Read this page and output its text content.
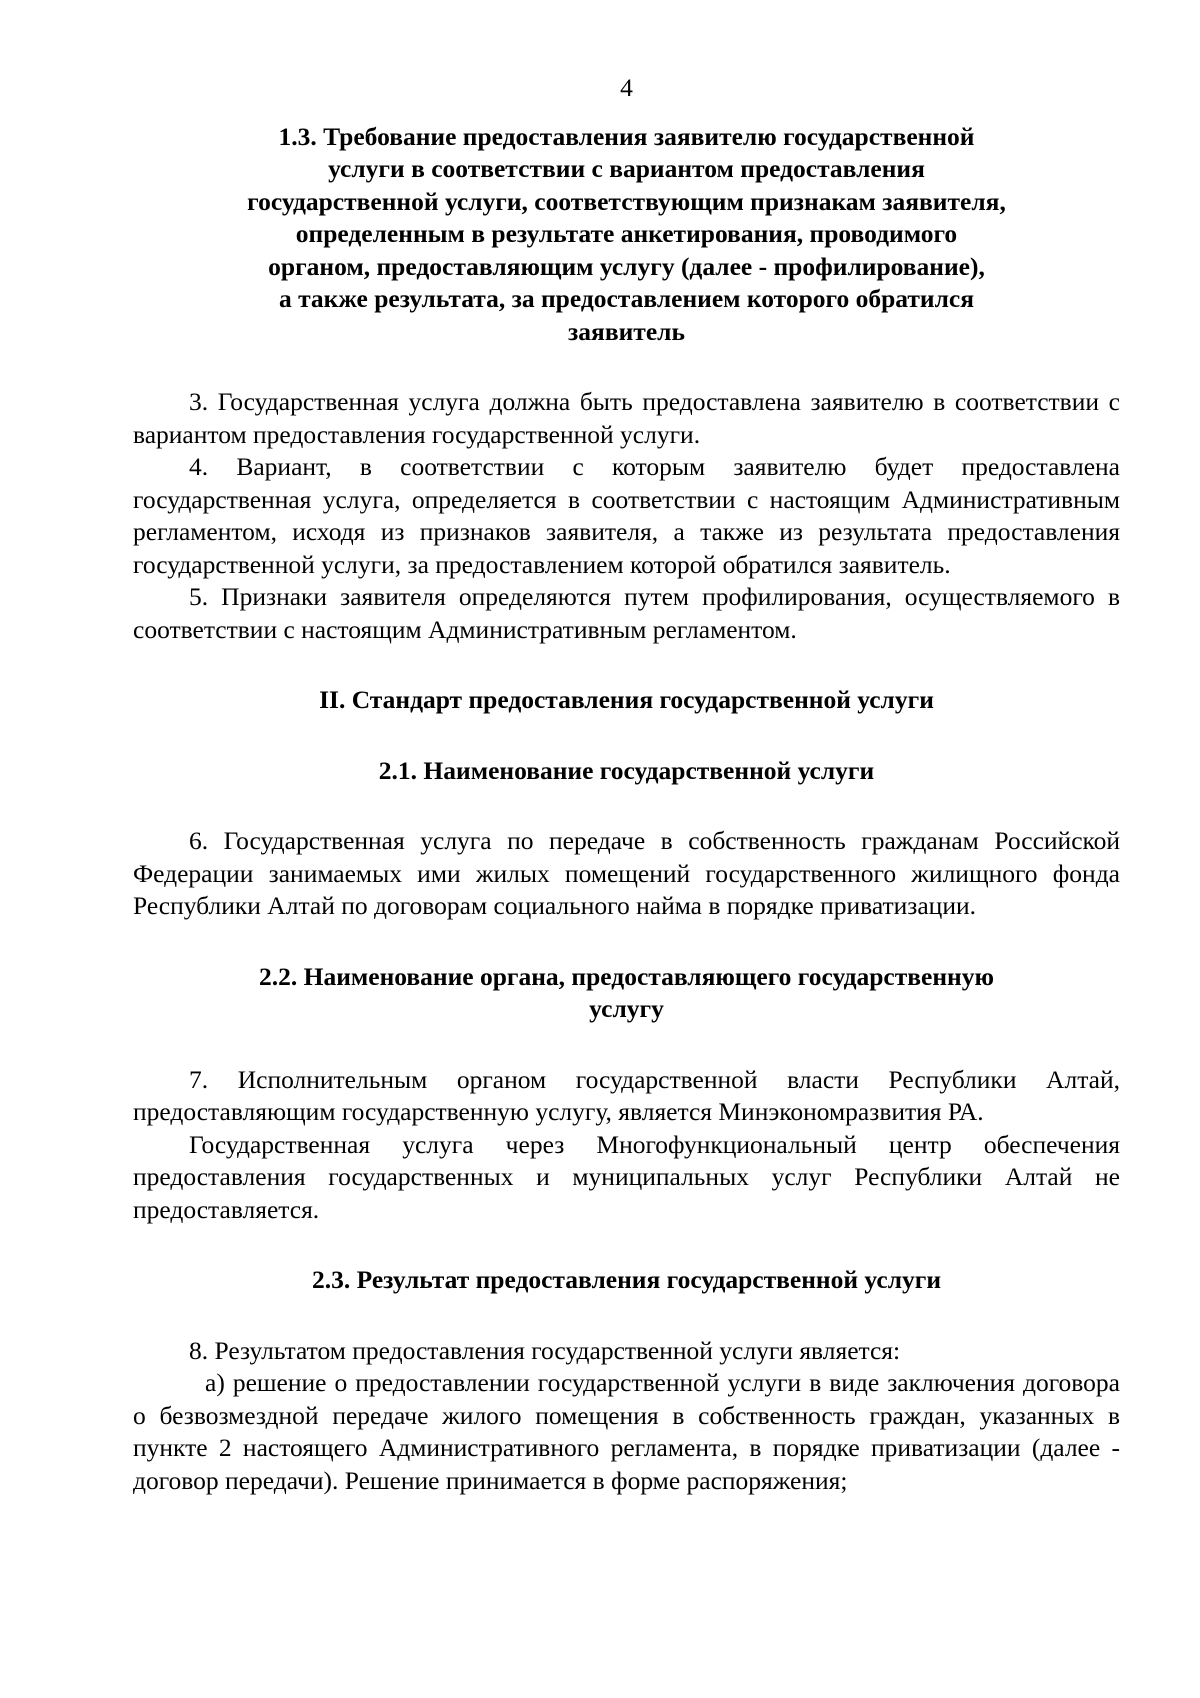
4
1.3. Требование предоставления заявителю государственной
услуги в соответствии с вариантом предоставления
государственной услуги, соответствующим признакам заявителя,
определенным в результате анкетирования, проводимого
органом, предоставляющим услугу (далее - профилирование),
а также результата, за предоставлением которого обратился
заявитель

3. Государственная услуга должна быть предоставлена заявителю в соответствии с вариантом предоставления государственной услуги.

4. Вариант, в соответствии с которым заявителю будет предоставлена государственная услуга, определяется в соответствии с настоящим Административным регламентом, исходя из признаков заявителя, а также из результата предоставления государственной услуги, за предоставлением которой обратился заявитель.

5. Признаки заявителя определяются путем профилирования, осуществляемого в соответствии с настоящим Административным регламентом.

II. Стандарт предоставления государственной услуги
2.1. Наименование государственной услуги

6. Государственная услуга по передаче в собственность гражданам Российской Федерации занимаемых ими жилых помещений государственного жилищного фонда Республики Алтай по договорам социального найма в порядке приватизации.

2.2. Наименование органа, предоставляющего государственную
услугу

7. Исполнительным органом государственной власти Республики Алтай, предоставляющим государственную услугу, является Минэкономразвития РА.

Государственная услуга через Многофункциональный центр обеспечения предоставления государственных и муниципальных услуг Республики Алтай не предоставляется.

2.3. Результат предоставления государственной услуги

8. Результатом предоставления государственной услуги является:

а) решение о предоставлении государственной услуги в виде заключения договора о безвозмездной передаче жилого помещения в собственность граждан, указанных в пункте 2 настоящего Административного регламента, в порядке приватизации (далее - договор передачи). Решение принимается в форме распоряжения;
